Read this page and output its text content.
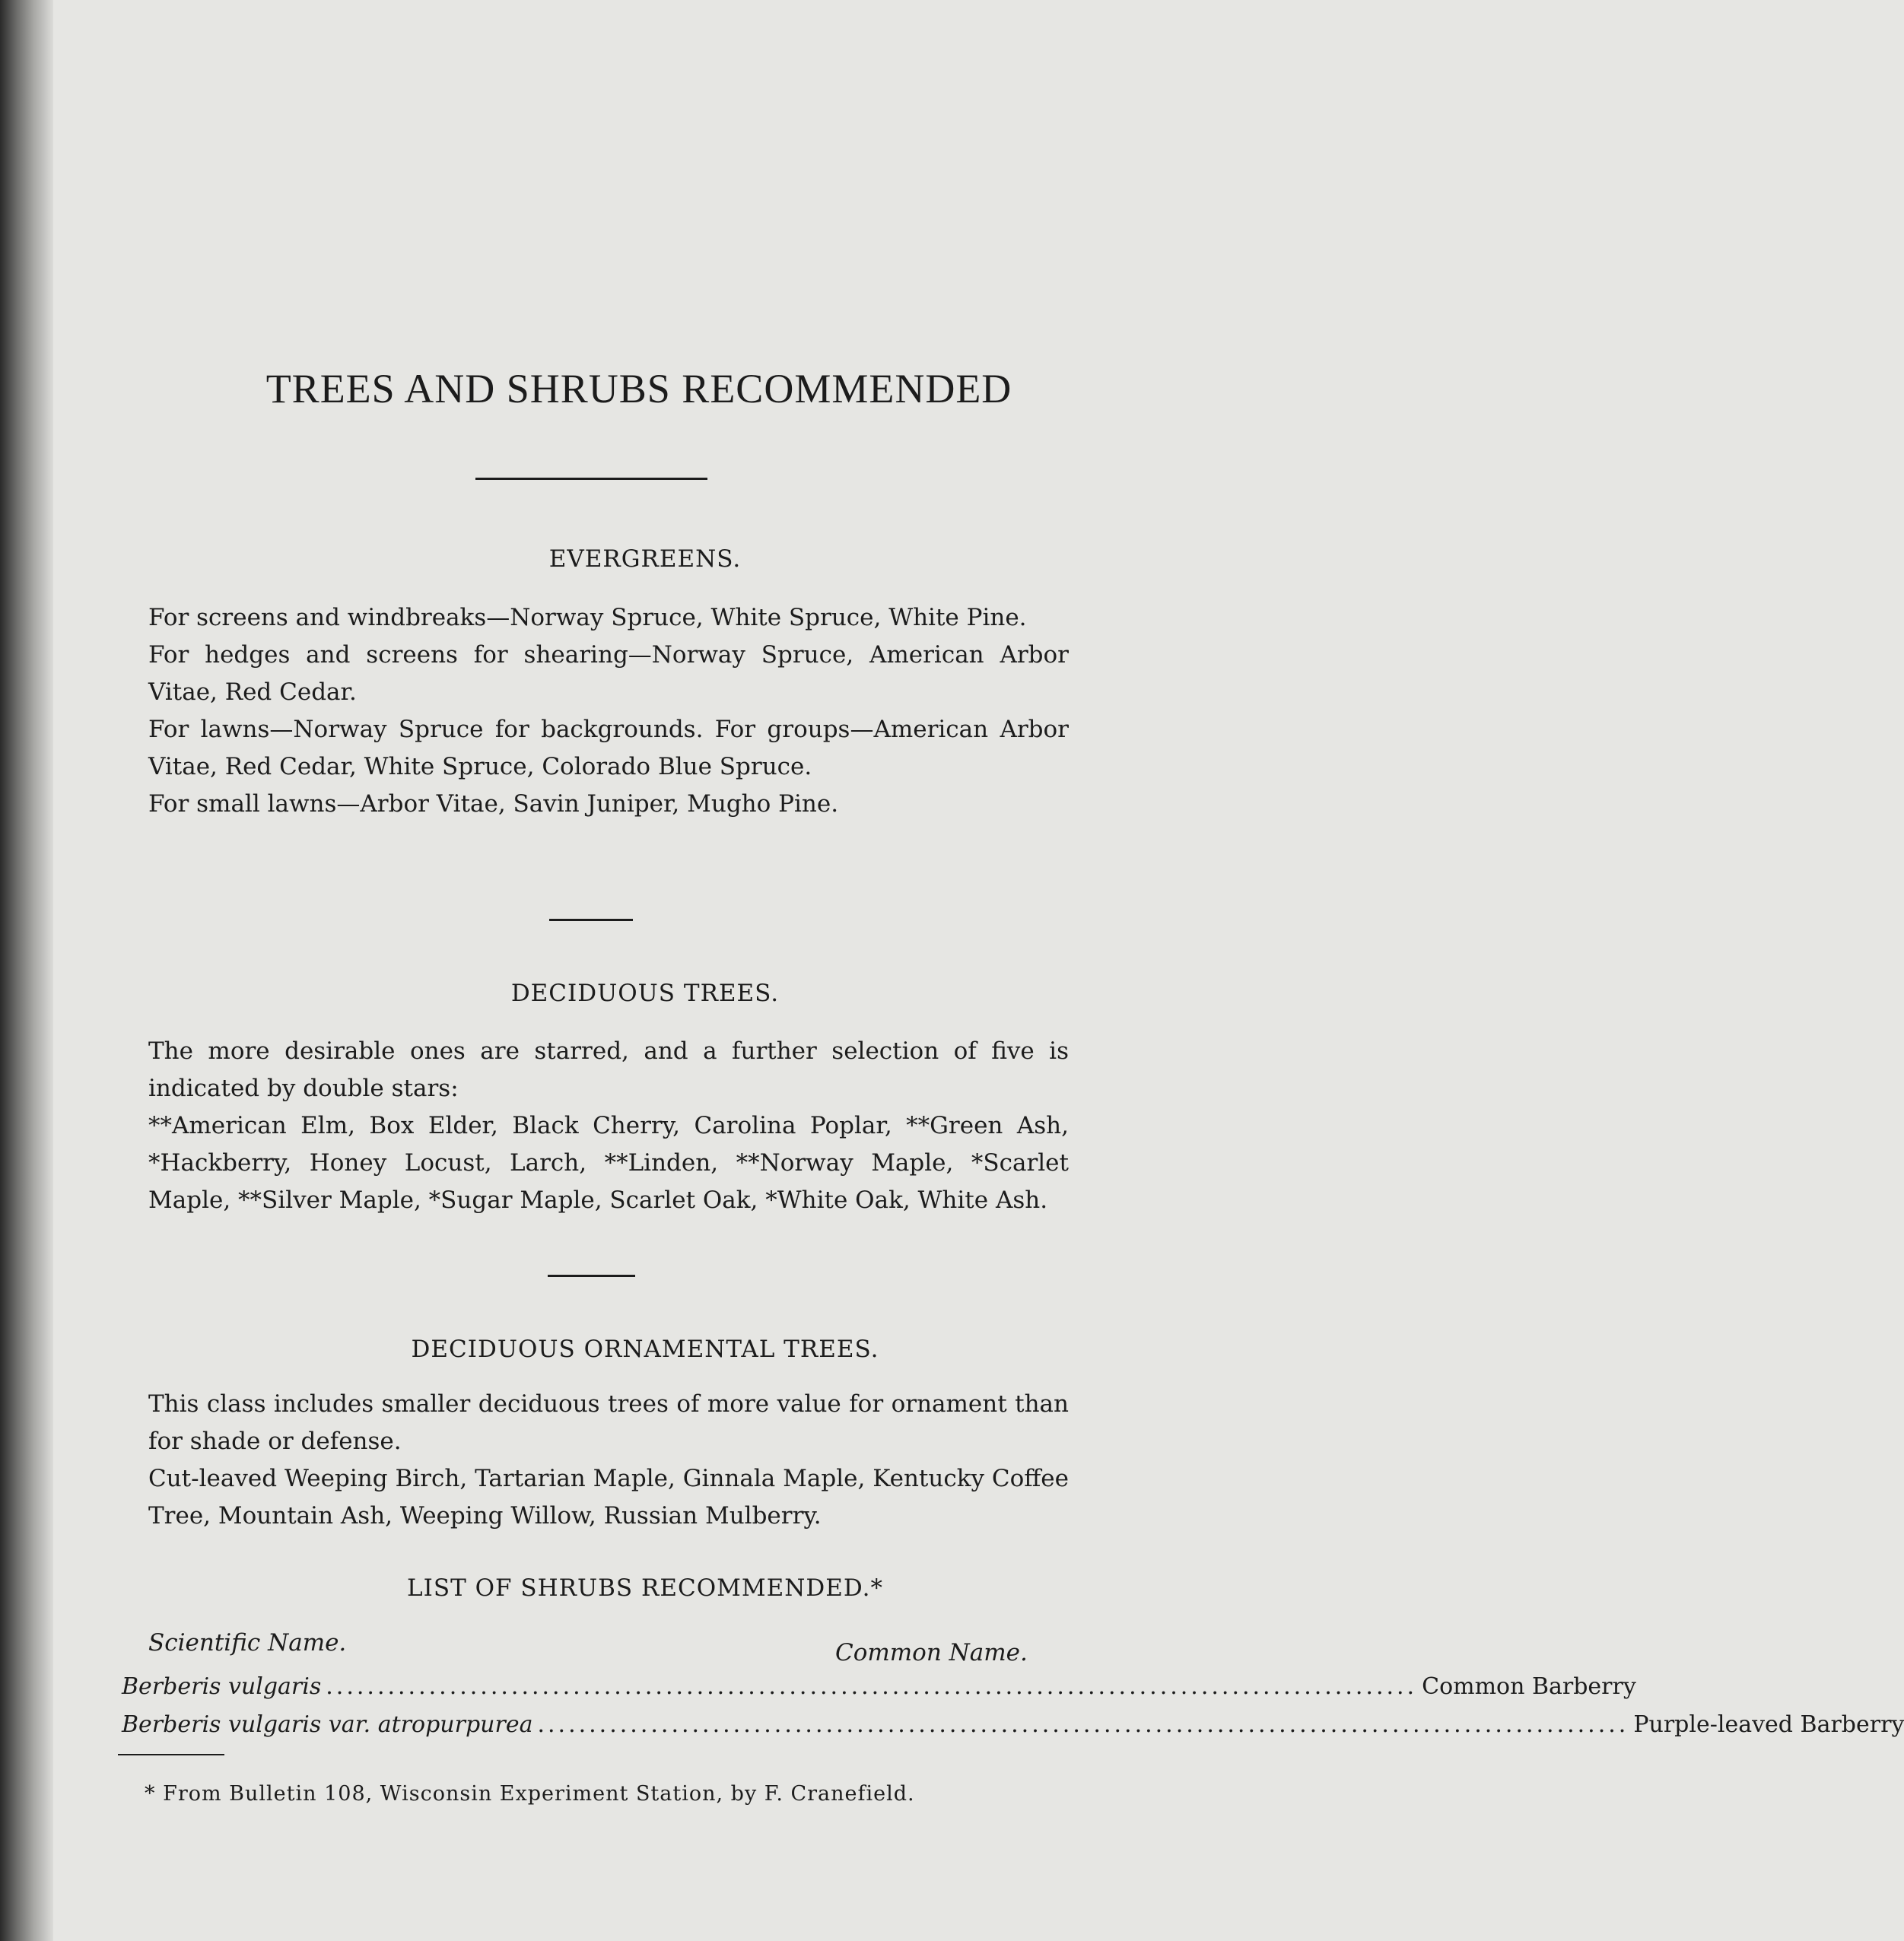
TREES AND SHRUBS RECOMMENDED
EVERGREENS.

For screens and windbreaks—Norway Spruce, White Spruce, White Pine.

For hedges and screens for shearing—Norway Spruce, American Arbor Vitae, Red Cedar.

For lawns—Norway Spruce for backgrounds. For groups—American Arbor Vitae, Red Cedar, White Spruce, Colorado Blue Spruce.

For small lawns—Arbor Vitae, Savin Juniper, Mugho Pine.

DECIDUOUS TREES.

The more desirable ones are starred, and a further selection of five is indicated by double stars:

**American Elm, Box Elder, Black Cherry, Carolina Poplar, **Green Ash, *Hackberry, Honey Locust, Larch, **Linden, **Norway Maple, *Scarlet Maple, **Silver Maple, *Sugar Maple, Scarlet Oak, *White Oak, White Ash.

DECIDUOUS ORNAMENTAL TREES.

This class includes smaller deciduous trees of more value for ornament than for shade or defense.

Cut-leaved Weeping Birch, Tartarian Maple, Ginnala Maple, Kentucky Coffee Tree, Mountain Ash, Weeping Willow, Russian Mulberry.

LIST OF SHRUBS RECOMMENDED.*
Scientific Name.	Common Name.
Berberis vulgaris .......................................................................................................... Common Barberry
Berberis vulgaris var. atropurpurea .......................................................................................................... Purple-leaved Barberry
* From Bulletin 108, Wisconsin Experiment Station, by F. Cranefield.
